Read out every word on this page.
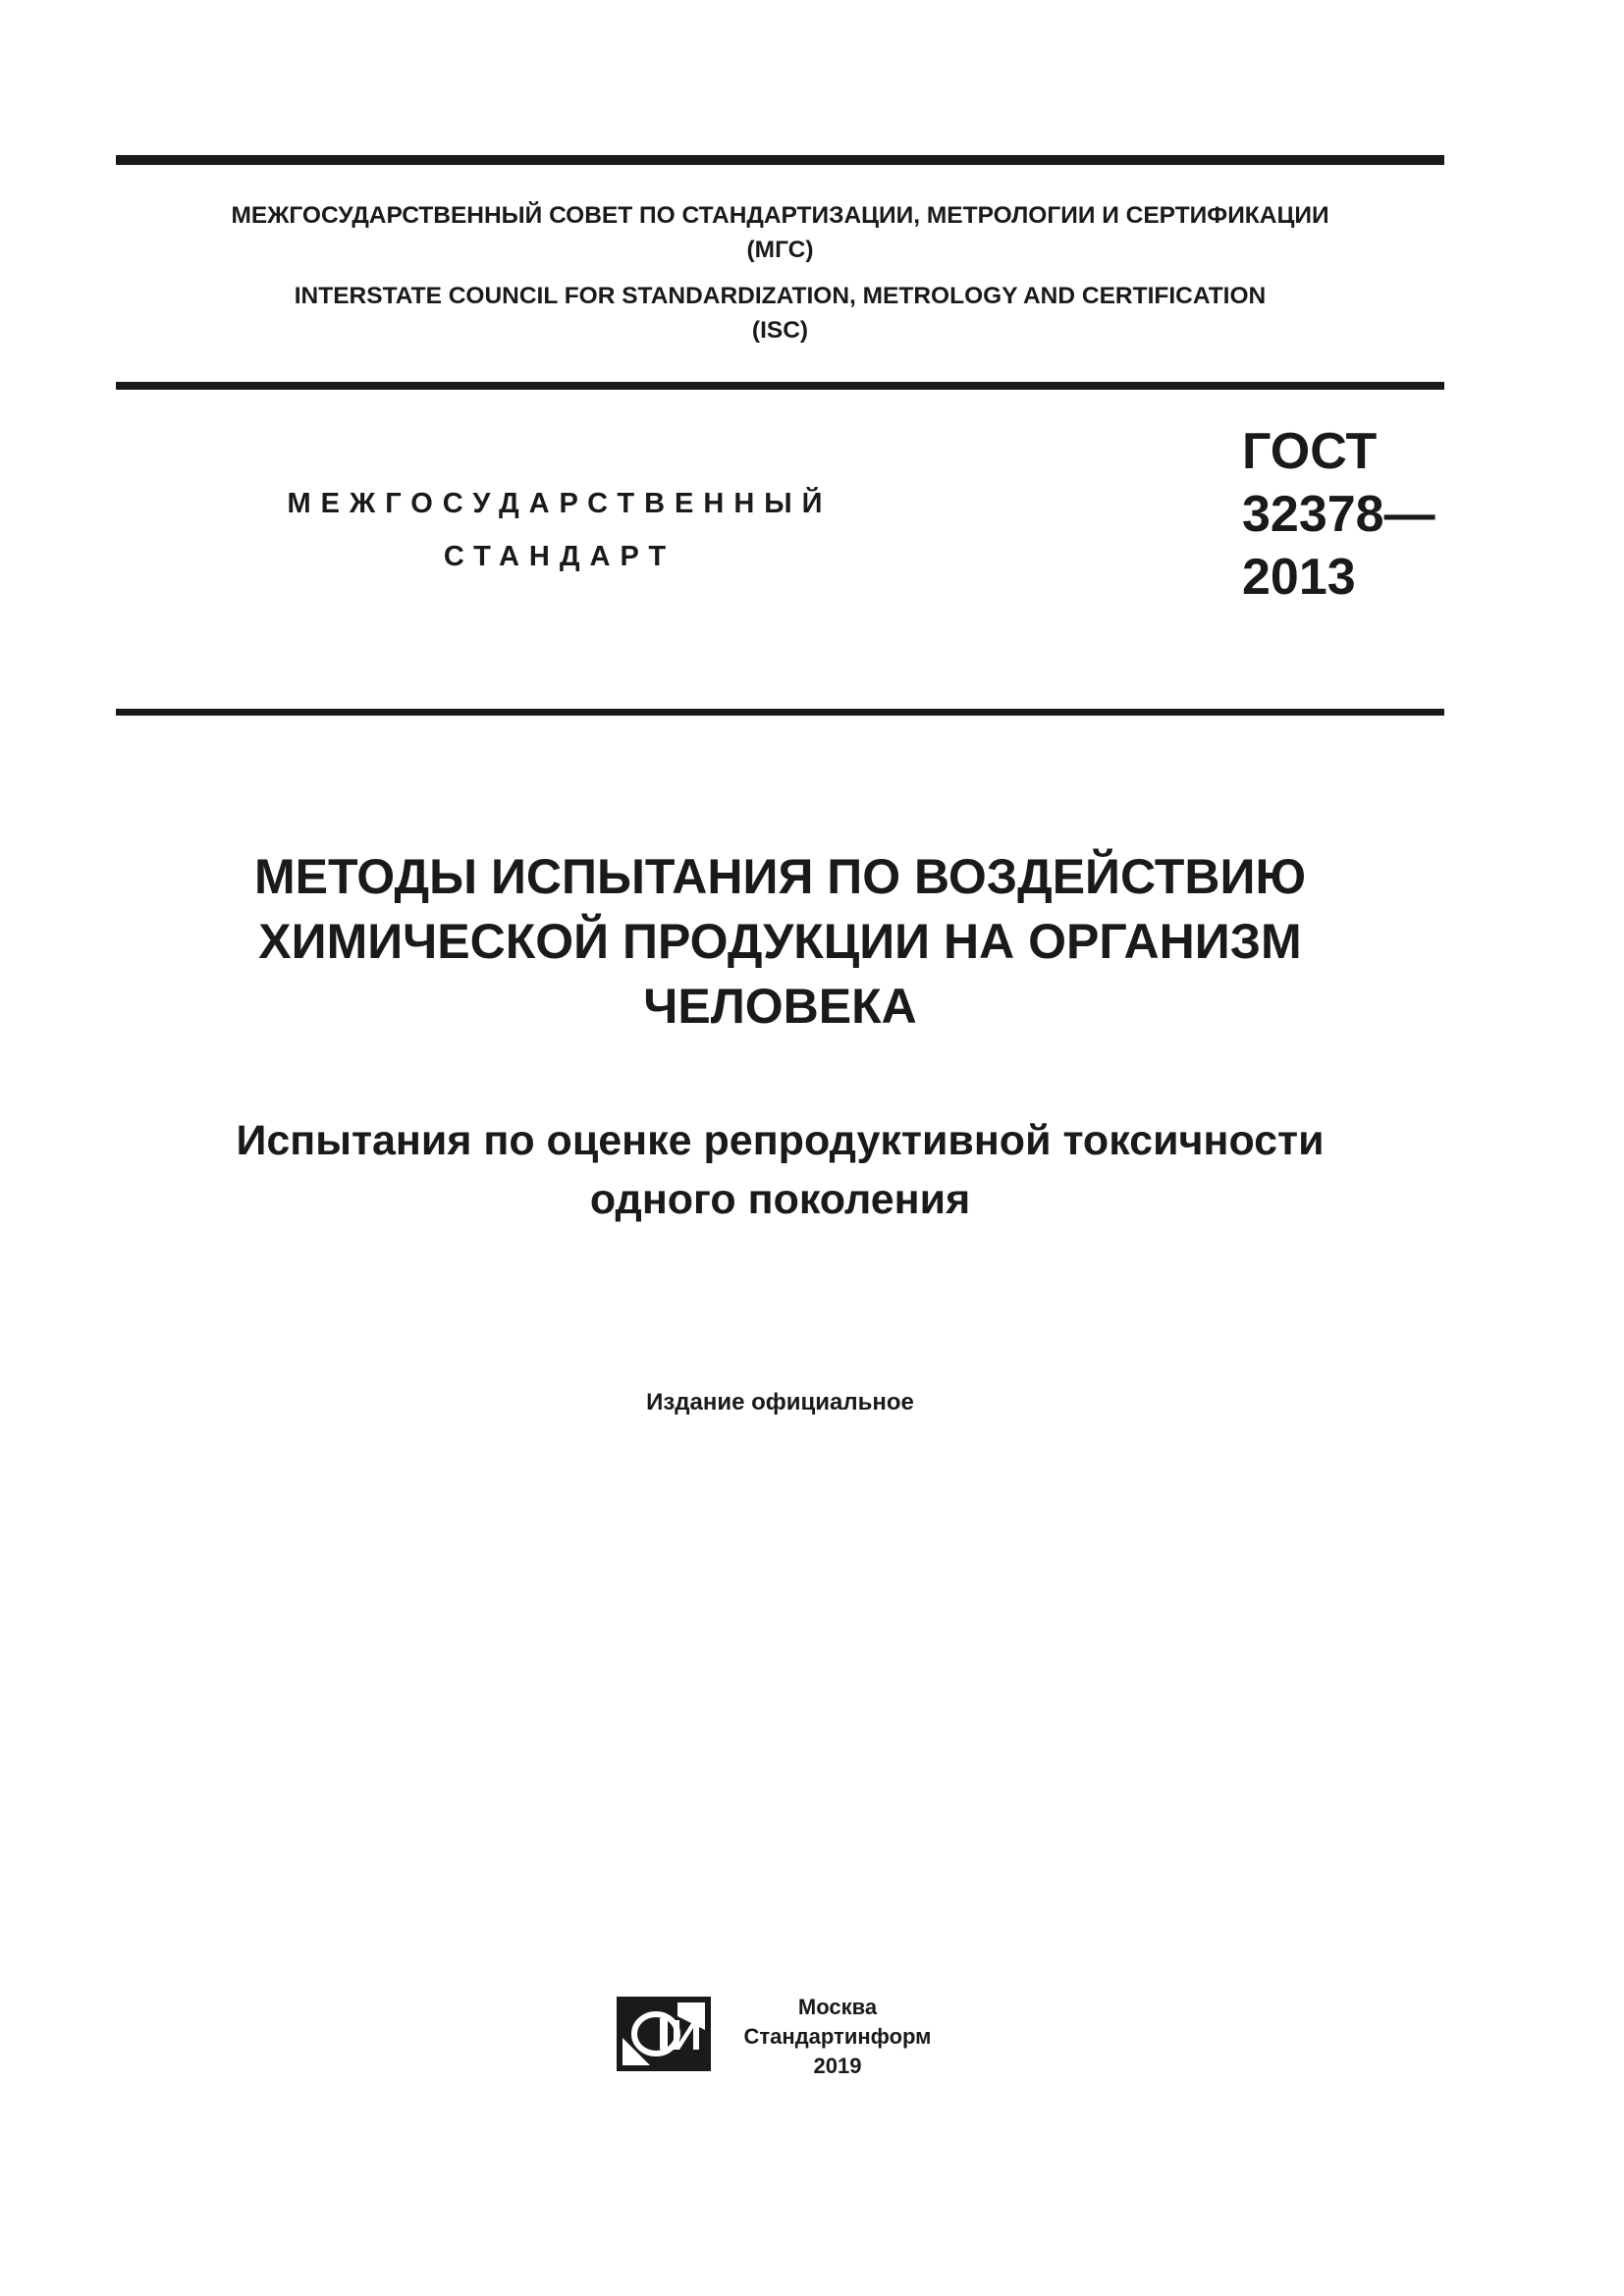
МЕЖГОСУДАРСТВЕННЫЙ СОВЕТ ПО СТАНДАРТИЗАЦИИ, МЕТРОЛОГИИ И СЕРТИФИКАЦИИ
(МГС)
INTERSTATE COUNCIL FOR STANDARDIZATION, METROLOGY AND CERTIFICATION
(ISC)
МЕЖГОСУДАРСТВЕННЫЙ
СТАНДАРТ
ГОСТ
32378—
2013
МЕТОДЫ ИСПЫТАНИЯ ПО ВОЗДЕЙСТВИЮ
ХИМИЧЕСКОЙ ПРОДУКЦИИ НА ОРГАНИЗМ
ЧЕЛОВЕКА
Испытания по оценке репродуктивной токсичности
одного поколения
Издание официальное
Москва
Стандартинформ
2019
